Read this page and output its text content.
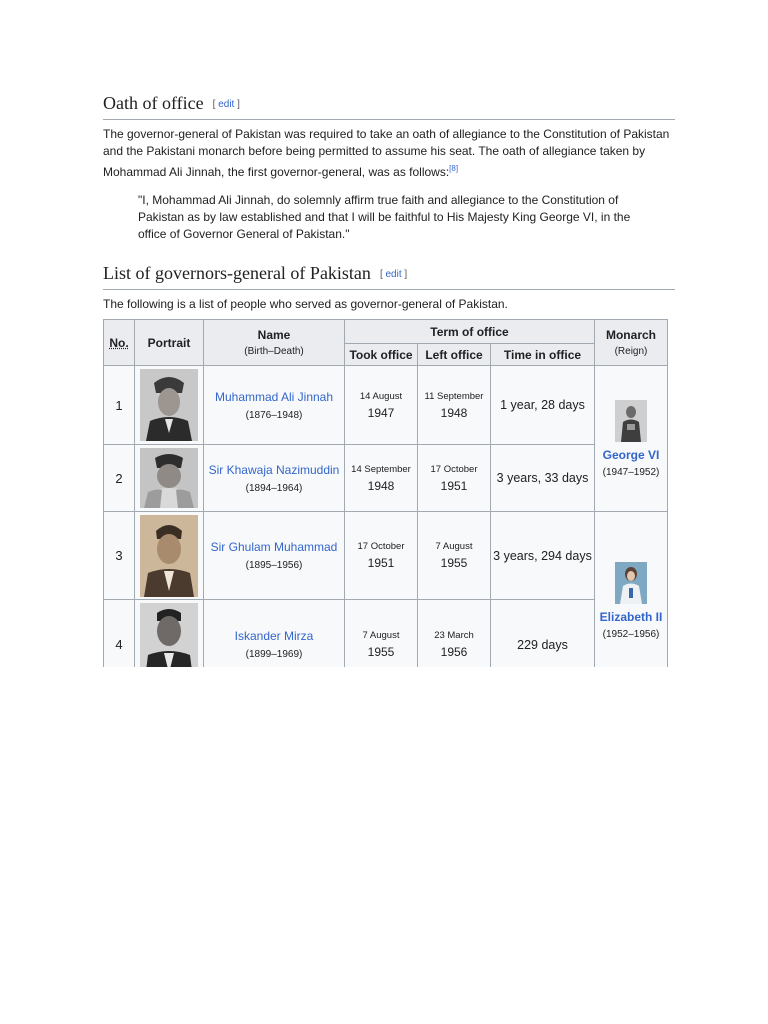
Oath of office [ edit ]

The governor-general of Pakistan was required to take an oath of allegiance to the Constitution of Pakistan and the Pakistani monarch before being permitted to assume his seat. The oath of allegiance taken by Mohammad Ali Jinnah, the first governor-general, was as follows:[8]

"I, Mohammad Ali Jinnah, do solemnly affirm true faith and allegiance to the Constitution of Pakistan as by law established and that I will be faithful to His Majesty King George VI, in the office of Governor General of Pakistan."
List of governors-general of Pakistan [ edit ]

The following is a list of people who served as governor-general of Pakistan.

No.	Portrait	Name
(Birth–Death)	Term of office			Monarch
(Reign)

			Took office	Left office	Time in office	
1		Muhammad Ali Jinnah
(1876–1948)	14 August
1947	11 September
1948	1 year, 28 days	George VI
(1947–1952)

2		Sir Khawaja Nazimuddin
(1894–1964)	14 September
1948	17 October
1951	3 years, 33 days	
3		Sir Ghulam Muhammad
(1895–1956)	17 October
1951	7 August
1955	3 years, 294 days	Elizabeth II
(1952–1956)

4		Iskander Mirza
(1899–1969)	7 August
1955	23 March
1956	229 days	
